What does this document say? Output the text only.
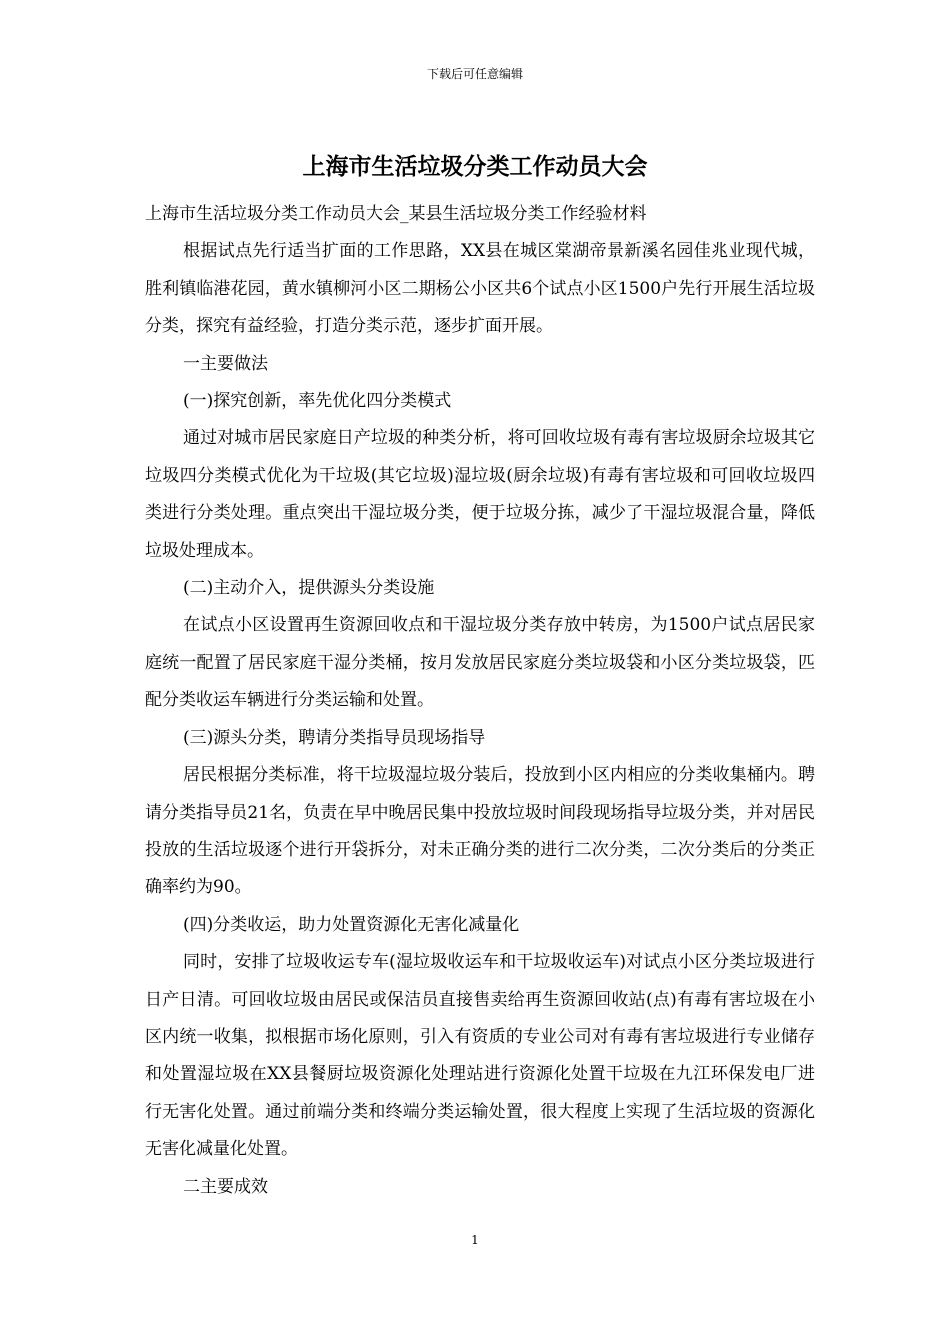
下载后可任意编辑
上海市生活垃圾分类工作动员大会

上海市生活垃圾分类工作动员大会_某县生活垃圾分类工作经验材料

根据试点先行适当扩面的工作思路，XX县在城区棠湖帝景新溪名园佳兆业现代城，胜利镇临港花园，黄水镇柳河小区二期杨公小区共6个试点小区1500户先行开展生活垃圾分类，探究有益经验，打造分类示范，逐步扩面开展。

一主要做法

(一)探究创新，率先优化四分类模式

通过对城市居民家庭日产垃圾的种类分析，将可回收垃圾有毒有害垃圾厨余垃圾其它垃圾四分类模式优化为干垃圾(其它垃圾)湿垃圾(厨余垃圾)有毒有害垃圾和可回收垃圾四类进行分类处理。重点突出干湿垃圾分类，便于垃圾分拣，减少了干湿垃圾混合量，降低垃圾处理成本。

(二)主动介入，提供源头分类设施

在试点小区设置再生资源回收点和干湿垃圾分类存放中转房，为1500户试点居民家庭统一配置了居民家庭干湿分类桶，按月发放居民家庭分类垃圾袋和小区分类垃圾袋，匹配分类收运车辆进行分类运输和处置。

(三)源头分类，聘请分类指导员现场指导

居民根据分类标准，将干垃圾湿垃圾分装后，投放到小区内相应的分类收集桶内。聘请分类指导员21名，负责在早中晚居民集中投放垃圾时间段现场指导垃圾分类，并对居民投放的生活垃圾逐个进行开袋拆分，对未正确分类的进行二次分类，二次分类后的分类正确率约为90。

(四)分类收运，助力处置资源化无害化减量化

同时，安排了垃圾收运专车(湿垃圾收运车和干垃圾收运车)对试点小区分类垃圾进行日产日清。可回收垃圾由居民或保洁员直接售卖给再生资源回收站(点)有毒有害垃圾在小区内统一收集，拟根据市场化原则，引入有资质的专业公司对有毒有害垃圾进行专业储存和处置湿垃圾在XX县餐厨垃圾资源化处理站进行资源化处置干垃圾在九江环保发电厂进行无害化处置。通过前端分类和终端分类运输处置，很大程度上实现了生活垃圾的资源化无害化减量化处置。

二主要成效

1
